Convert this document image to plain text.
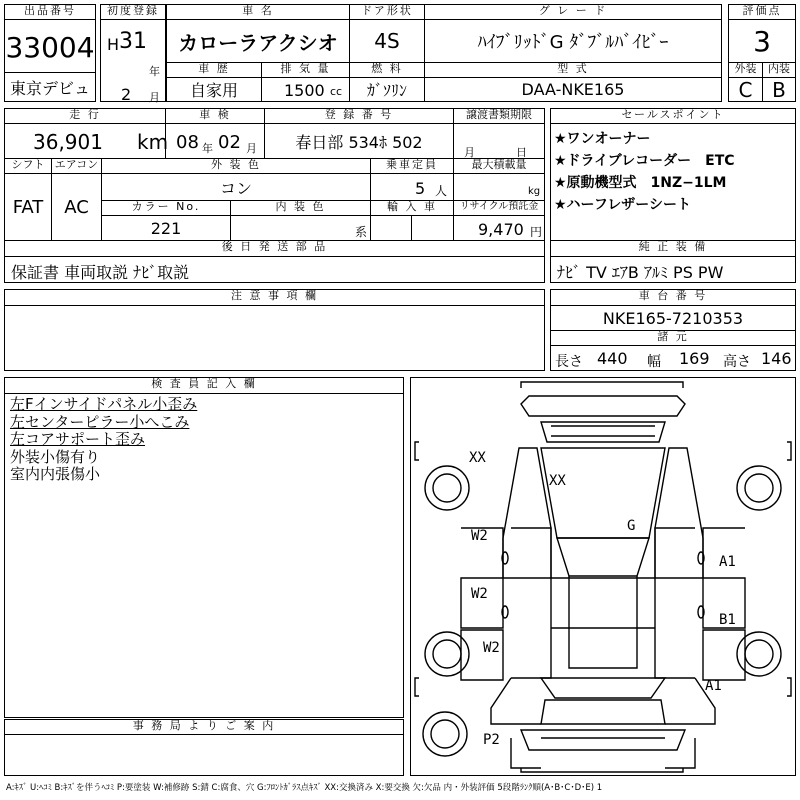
出品番号
33004
東京デビュ
初度登録
H 31
年
2 月
車 名
カローラアクシオ
ドア形状
4S
グ レ ー ド
ﾊｲﾌﾞﾘｯﾄﾞG ﾀﾞﾌﾞﾙﾊﾞｲﾋﾞｰ
車 歴
自家用
排 気 量
1500 cc
燃 料
ｶﾞｿﾘﾝ
型 式
DAA-NKE165
評価点
3
外装	内装
C B
走 行
36,901 km
車 検
08 年 02 月
登 録 番 号
春日部 534ﾎ 502
譲渡書類期限
月	日
シフト
FAT
エアコン
AC
外 装 色
コン
乗車定員
5 人
最大積載量
kg
カラー No.
221
内 装 色
系
輸 入 車	リサイクル預託金
9,470 円
セールスポイント
★ワンオーナー
★ドライブレコーダー　ETC
★原動機型式　1NZ−1LM
★ハーフレザーシート
後 日 発 送 部 品
保証書 車両取説 ﾅﾋﾞ取説
純 正 装 備
ﾅﾋﾞ TV ｴｱB ｱﾙﾐ PS PW
注 意 事 項 欄	車 台 番 号
NKE165-7210353
諸 元
長さ 440 幅 169 高さ 146
検 査 員 記 入 欄
左Fインサイドパネル小歪み
左センターピラー小へこみ
左コアサポート歪み
外装小傷有り
室内内張傷小
事 務 局 よ り ご 案 内
XX
XX
G
W2
W2
W2
A1
B1
A1
P2
A:ｷｽﾞ U:ﾍｺﾐ B:ｷｽﾞを伴うﾍｺﾐ P:要塗装 W:補修跡 S:錆 C:腐食、穴 G:ﾌﾛﾝﾄｶﾞﾗｽ点ｷｽﾞ XX:交換済み X:要交換 欠:欠品 内・外装評価 5段階ﾗﾝｸ順(A･B･C･D･E) 1
